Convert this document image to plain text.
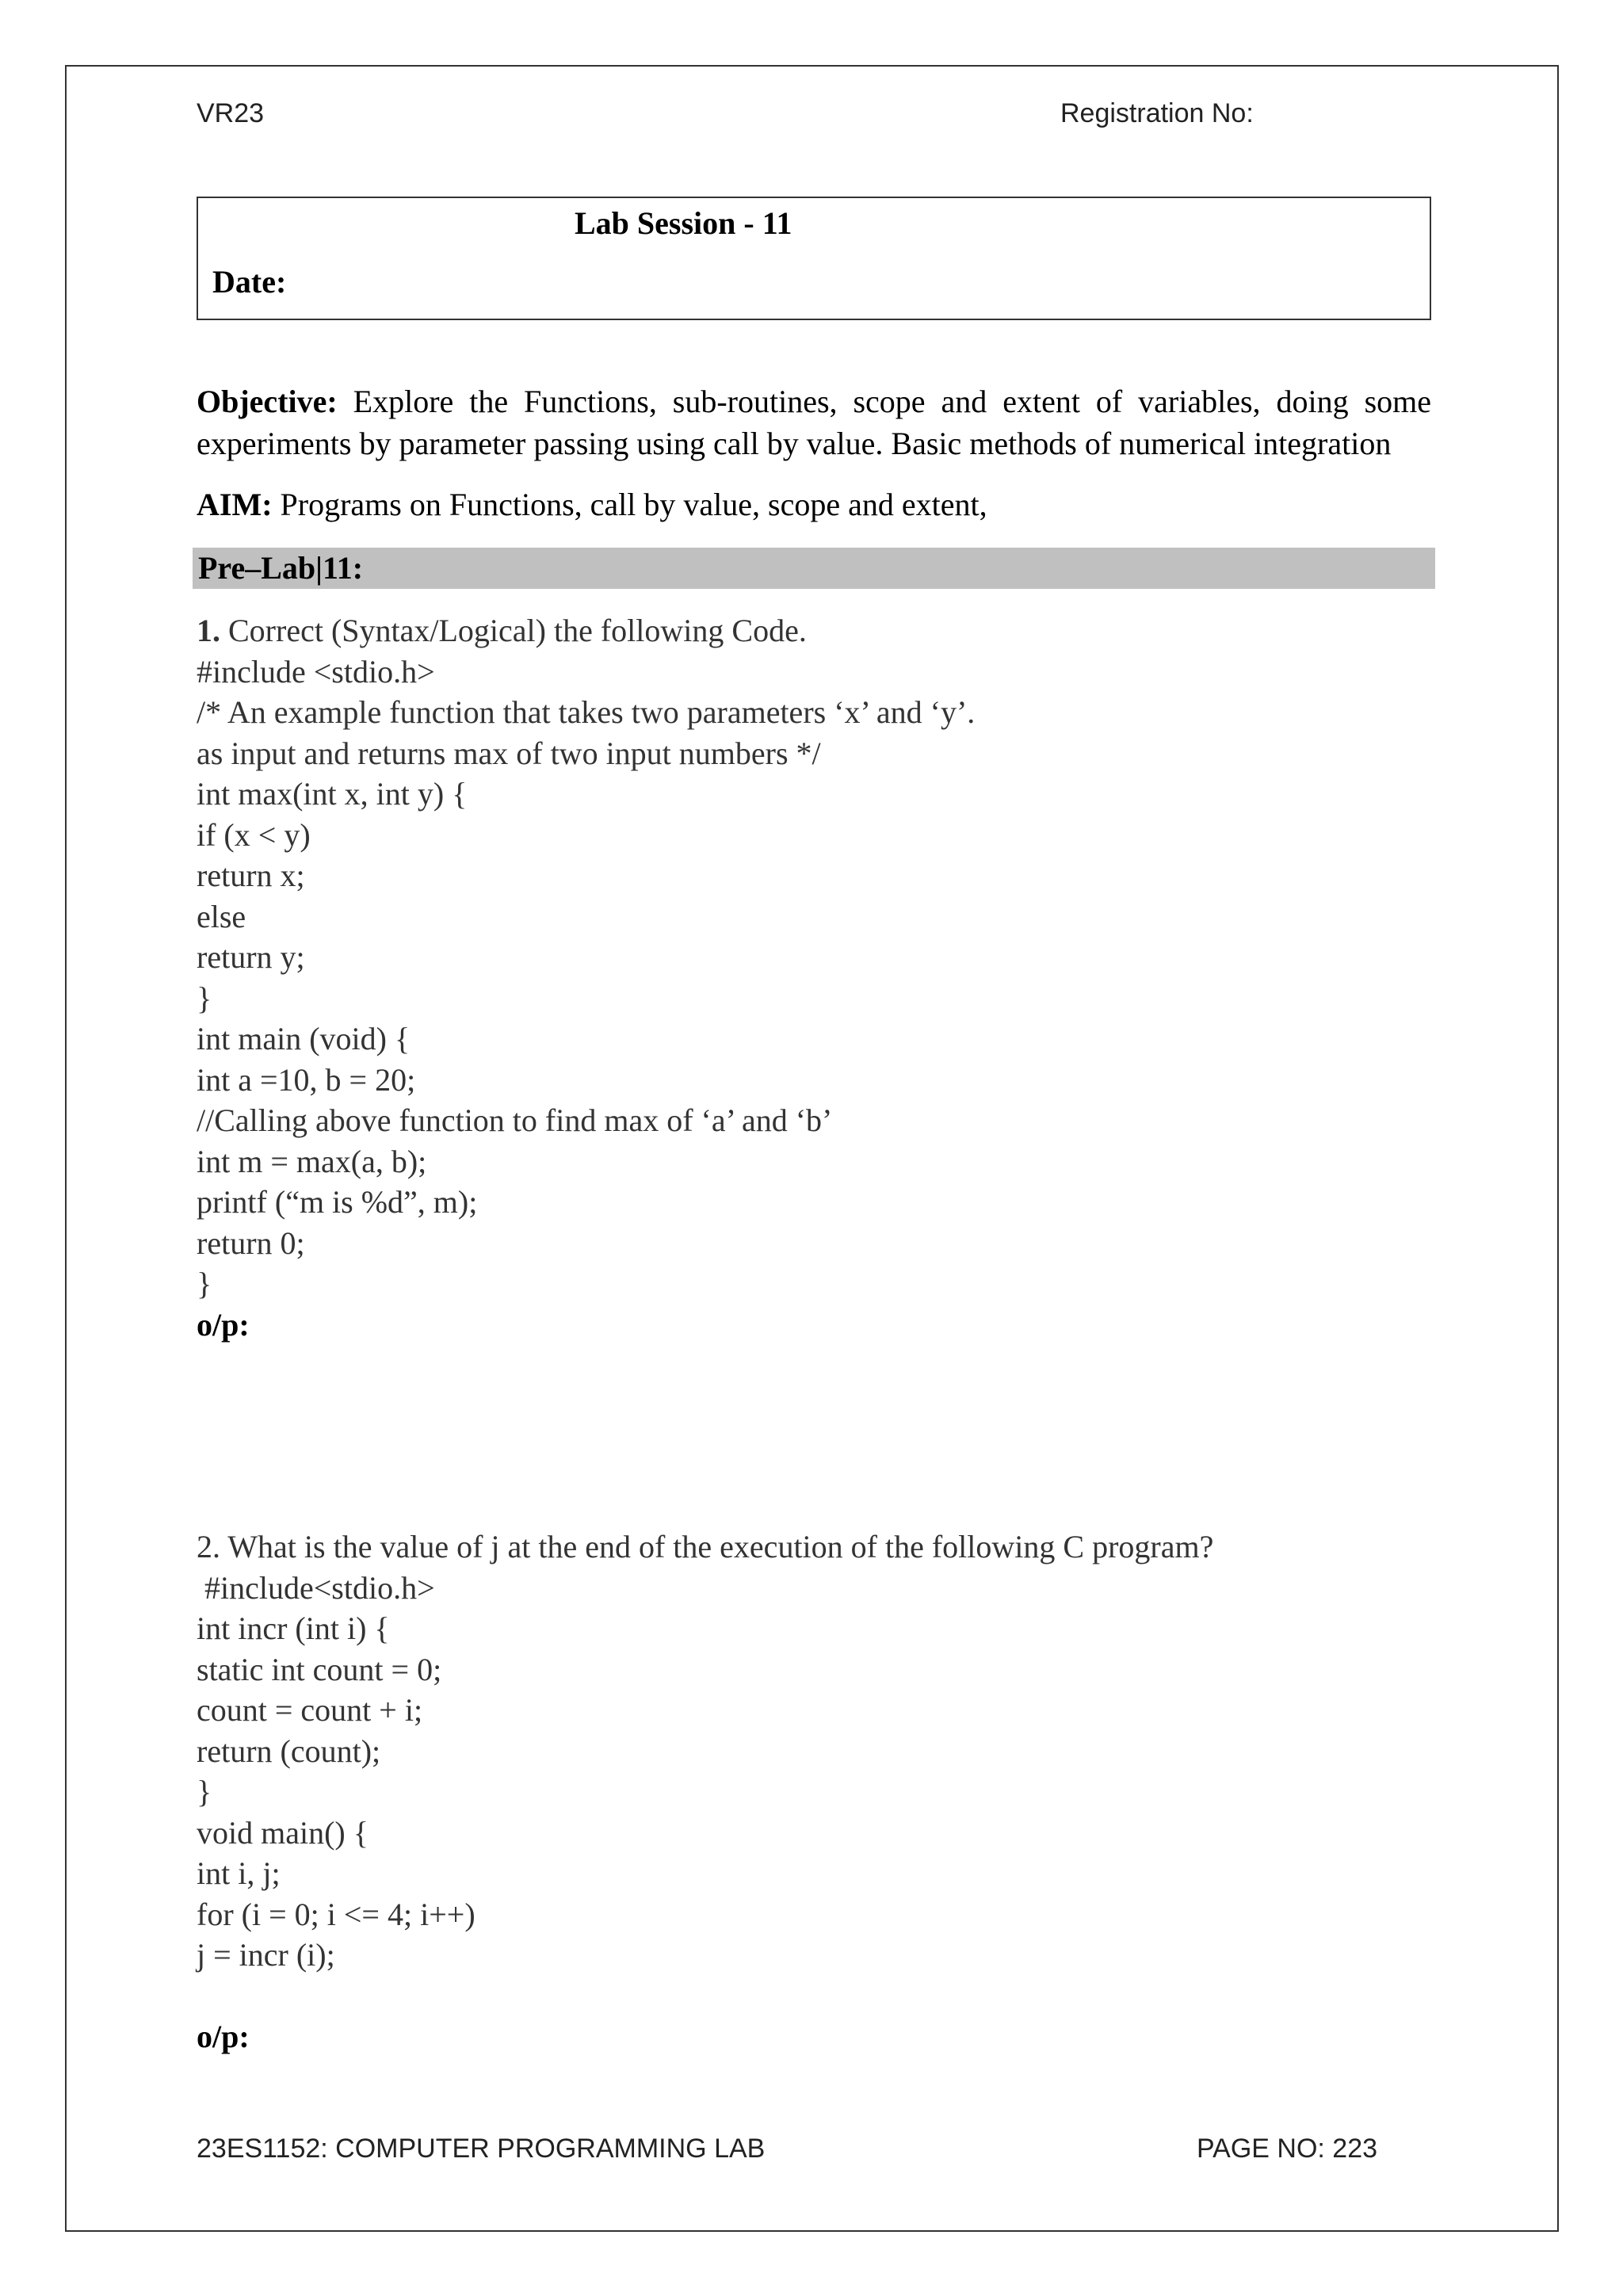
VR23	Registration No:
Lab Session - 11
Date:
Objective: Explore the Functions, sub-routines, scope and extent of variables, doing some experiments by parameter passing using call by value. Basic methods of numerical integration
AIM: Programs on Functions, call by value, scope and extent,
Pre–Lab|11:
1. Correct (Syntax/Logical) the following Code.
#include <stdio.h>
/* An example function that takes two parameters ‘x’ and ‘y’.
as input and returns max of two input numbers */
int max(int x, int y) {
if (x < y)
return x;
else
return y;
}
int main (void) {
int a =10, b = 20;
//Calling above function to find max of ‘a’ and ‘b’
int m = max(a, b);
printf (“m is %d”, m);
return 0;
}
o/p:
2. What is the value of j at the end of the execution of the following C program?
#include<stdio.h>
int incr (int i) {
static int count = 0;
count = count + i;
return (count);
}
void main() {
int i, j;
for (i = 0; i <= 4; i++)
j = incr (i);
o/p:
23ES1152: COMPUTER PROGRAMMING LAB	PAGE NO: 223
